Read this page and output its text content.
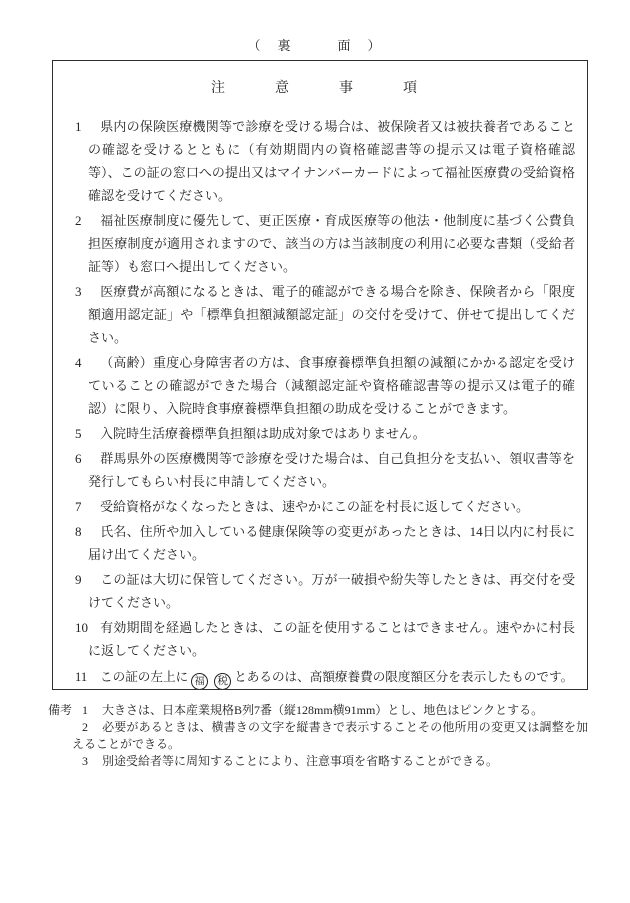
（　裏　　　面　）
注意事項
1 県内の保険医療機関等で診療を受ける場合は、被保険者又は被扶養者であることの確認を受けるとともに（有効期間内の資格確認書等の提示又は電子資格確認等）、この証の窓口への提出又はマイナンバーカードによって福祉医療費の受給資格確認を受けてください。
2 福祉医療制度に優先して、更正医療・育成医療等の他法・他制度に基づく公費負担医療制度が適用されますので、該当の方は当該制度の利用に必要な書類（受給者証等）も窓口へ提出してください。
3 医療費が高額になるときは、電子的確認ができる場合を除き、保険者から「限度額適用認定証」や「標準負担額減額認定証」の交付を受けて、併せて提出してください。
4 （高齢）重度心身障害者の方は、食事療養標準負担額の減額にかかる認定を受けていることの確認ができた場合（減額認定証や資格確認書等の提示又は電子的確認）に限り、入院時食事療養標準負担額の助成を受けることができます。
5 入院時生活療養標準負担額は助成対象ではありません。
6 群馬県外の医療機関等で診療を受けた場合は、自己負担分を支払い、領収書等を発行してもらい村長に申請してください。
7 受給資格がなくなったときは、速やかにこの証を村長に返してください。
8 氏名、住所や加入している健康保険等の変更があったときは、14日以内に村長に届け出てください。
9 この証は大切に保管してください。万が一破損や紛失等したときは、再交付を受けてください。
10 有効期間を経過したときは、この証を使用することはできません。速やかに村長に返してください。
11 この証の左上に 福 税 とあるのは、高額療養費の限度額区分を表示したものです。
備考 1 大きさは、日本産業規格B列7番（縦128mm横91mm）とし、地色はピンクとする。
2 必要があるときは、横書きの文字を縦書きで表示することその他所用の変更又は調整を加えることができる。
3 別途受給者等に周知することにより、注意事項を省略することができる。
